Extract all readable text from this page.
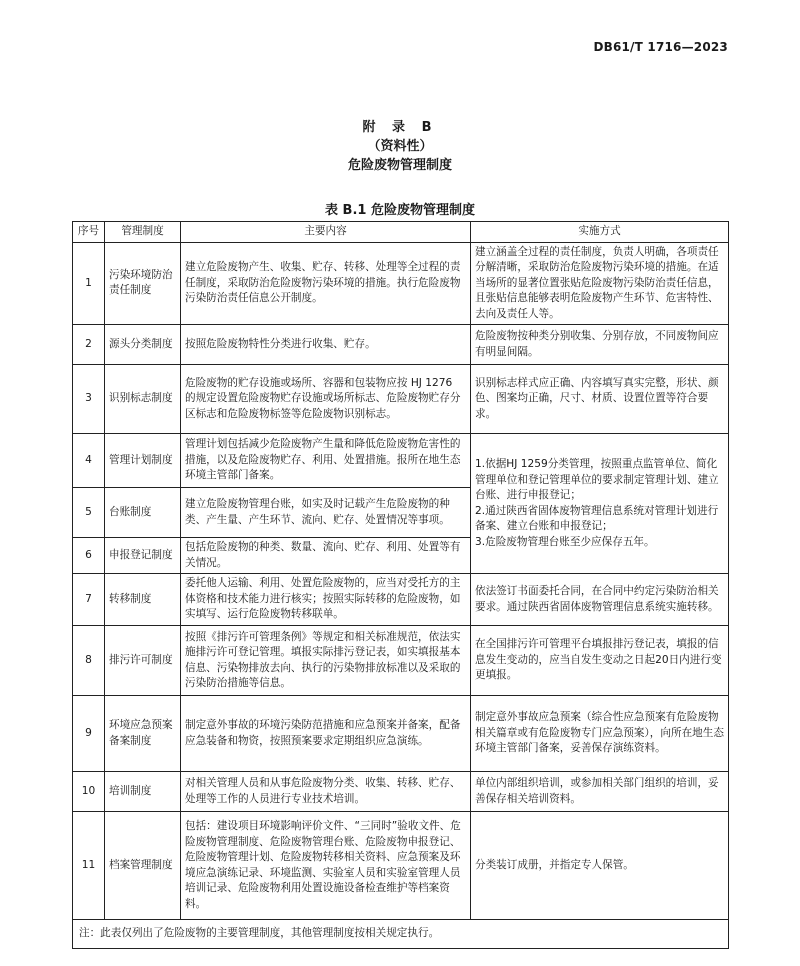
DB61/T 1716—2023
附 录 B
（资料性）
危险废物管理制度
表 B.1 危险废物管理制度
序号	管理制度	主要内容	实施方式
1	污染环境防治责任制度	建立危险废物产生、收集、贮存、转移、处理等全过程的责任制度，采取防治危险废物污染环境的措施。执行危险废物污染防治责任信息公开制度。	建立涵盖全过程的责任制度，负责人明确，各项责任分解清晰，采取防治危险废物污染环境的措施。在适当场所的显著位置张贴危险废物污染防治责任信息，且张贴信息能够表明危险废物产生环节、危害特性、去向及责任人等。
2	源头分类制度	按照危险废物特性分类进行收集、贮存。	危险废物按种类分别收集、分别存放，不同废物间应有明显间隔。
3	识别标志制度	危险废物的贮存设施或场所、容器和包装物应按 HJ 1276 的规定设置危险废物贮存设施或场所标志、危险废物贮存分区标志和危险废物标签等危险废物识别标志。	识别标志样式应正确、内容填写真实完整，形状、颜色、图案均正确，尺寸、材质、设置位置等符合要求。
4	管理计划制度	管理计划包括减少危险废物产生量和降低危险废物危害性的措施，以及危险废物贮存、利用、处置措施。报所在地生态环境主管部门备案。	1.依据HJ 1259分类管理，按照重点监管单位、简化管理单位和登记管理单位的要求制定管理计划、建立台账、进行申报登记；
2.通过陕西省固体废物管理信息系统对管理计划进行备案、建立台账和申报登记；
3.危险废物管理台账至少应保存五年。
5	台账制度	建立危险废物管理台账，如实及时记载产生危险废物的种类、产生量、产生环节、流向、贮存、处置情况等事项。	
6	申报登记制度	包括危险废物的种类、数量、流向、贮存、利用、处置等有关情况。	
7	转移制度	委托他人运输、利用、处置危险废物的，应当对受托方的主体资格和技术能力进行核实；按照实际转移的危险废物，如实填写、运行危险废物转移联单。	依法签订书面委托合同，在合同中约定污染防治相关要求。通过陕西省固体废物管理信息系统实施转移。
8	排污许可制度	按照《排污许可管理条例》等规定和相关标准规范，依法实施排污许可登记管理。填报实际排污登记表，如实填报基本信息、污染物排放去向、执行的污染物排放标准以及采取的污染防治措施等信息。	在全国排污许可管理平台填报排污登记表，填报的信息发生变动的，应当自发生变动之日起20日内进行变更填报。
9	环境应急预案备案制度	制定意外事故的环境污染防范措施和应急预案并备案，配备应急装备和物资，按照预案要求定期组织应急演练。	制定意外事故应急预案（综合性应急预案有危险废物相关篇章或有危险废物专门应急预案），向所在地生态环境主管部门备案，妥善保存演练资料。
10	培训制度	对相关管理人员和从事危险废物分类、收集、转移、贮存、处理等工作的人员进行专业技术培训。	单位内部组织培训，或参加相关部门组织的培训，妥善保存相关培训资料。
11	档案管理制度	包括：建设项目环境影响评价文件、“三同时”验收文件、危险废物管理制度、危险废物管理台账、危险废物申报登记、危险废物管理计划、危险废物转移相关资料、应急预案及环境应急演练记录、环境监测、实验室人员和实验室管理人员培训记录、危险废物利用处置设施设备检查维护等档案资料。	分类装订成册，并指定专人保管。
注：此表仅列出了危险废物的主要管理制度，其他管理制度按相关规定执行。			
